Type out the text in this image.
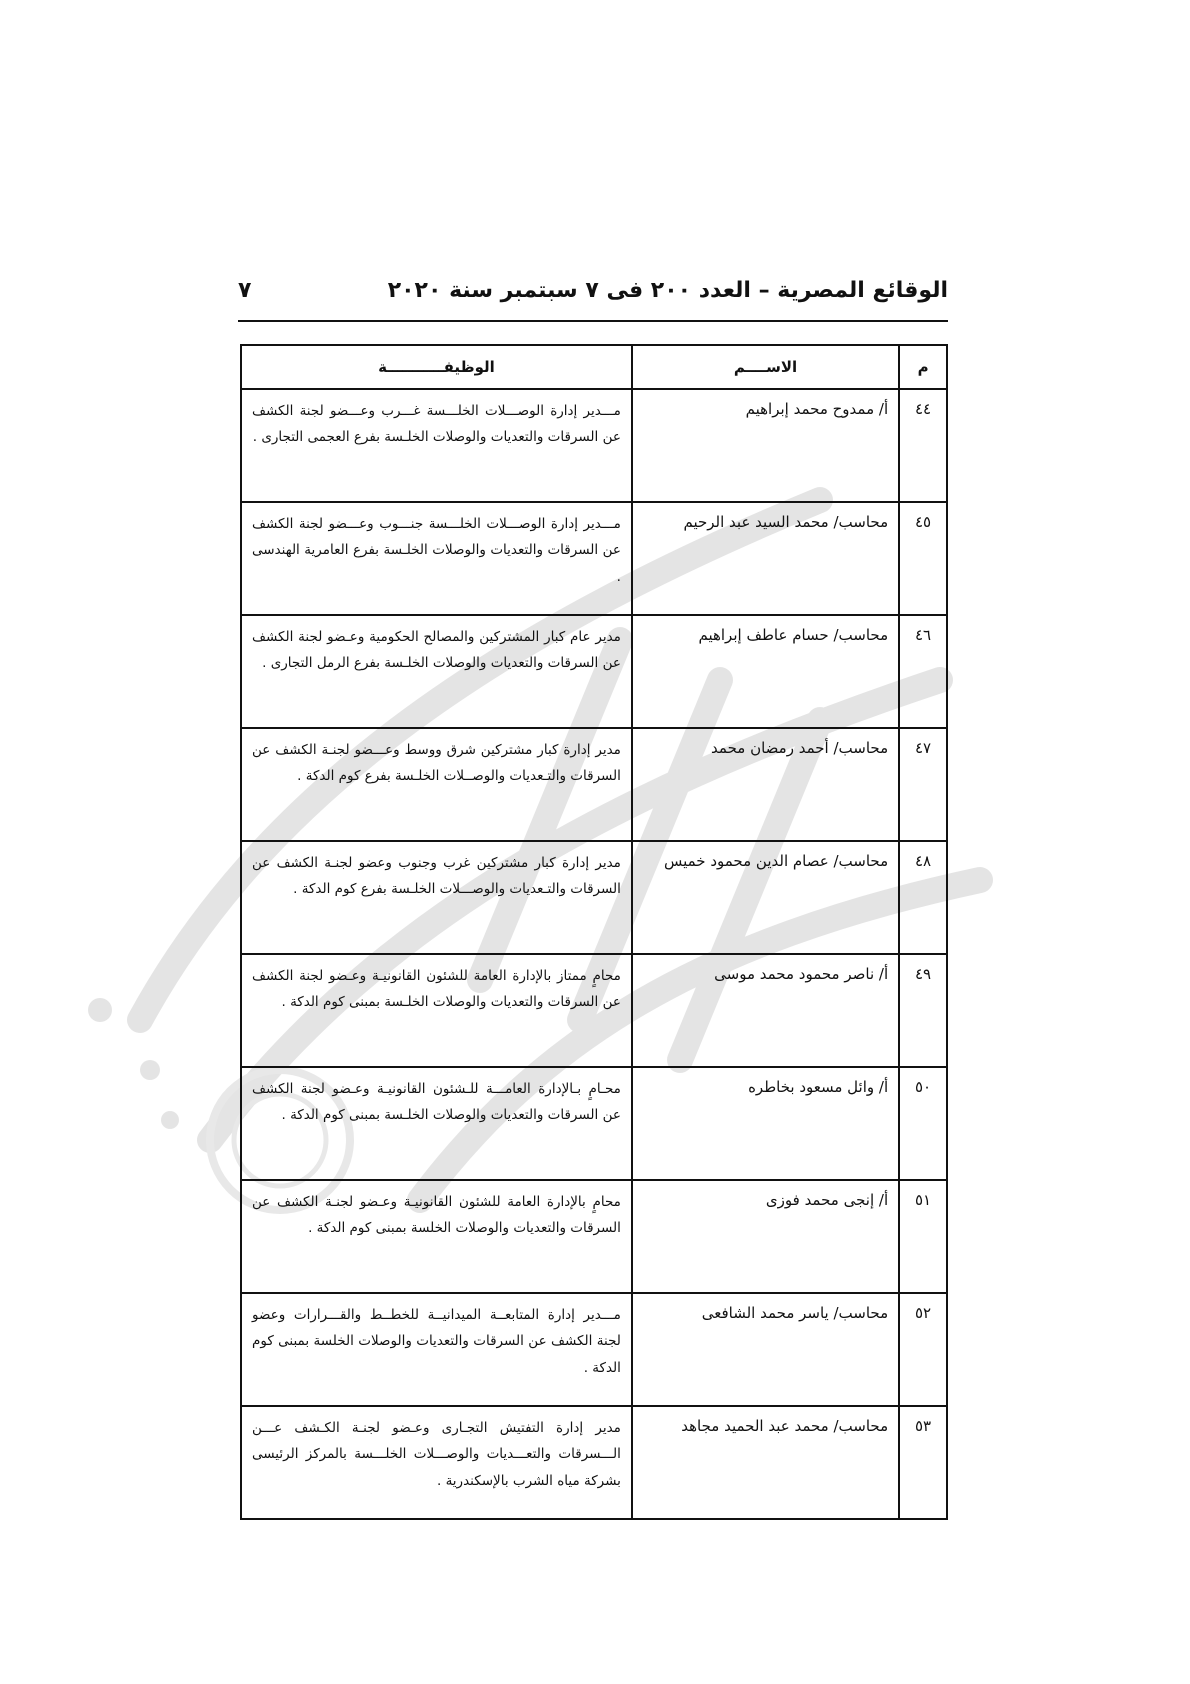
الوقائع المصرية – العدد ٢٠٠ فى ٧ سبتمبر سنة ٢٠٢٠
٧
م	الاســــم	الوظيفـــــــــــة
٤٤	أ/ ممدوح محمد إبراهيم	مـــدير إدارة الوصـــلات الخلـــسة غـــرب وعـــضو لجنة الكشف عن السرقات والتعديات والوصلات الخلـسة بفرع العجمى التجارى .
٤٥	محاسب/ محمد السيد عبد الرحيم	مـــدير إدارة الوصـــلات الخلـــسة جنـــوب وعـــضو لجنة الكشف عن السرقات والتعديات والوصلات الخلـسة بفرع العامرية الهندسى .
٤٦	محاسب/ حسام عاطف إبراهيم	مدير عام كبار المشتركين والمصالح الحكومية وعـضو لجنة الكشف عن السرقات والتعديات والوصلات الخلـسة بفرع الرمل التجارى .
٤٧	محاسب/ أحمد رمضان محمد	مدير إدارة كبار مشتركين شرق ووسط وعـــضو لجنـة الكشف عن السرقات والتـعديات والوصــلات الخلـسة بفرع كوم الدكة .
٤٨	محاسب/ عصام الدين محمود خميس	مدير إدارة كبار مشتركين غرب وجنوب وعضو لجنـة الكشف عن السرقات والتـعديات والوصـــلات الخلـسة بفرع كوم الدكة .
٤٩	أ/ ناصر محمود محمد موسى	محامٍ ممتاز بالإدارة العامة للشئون القانونيـة وعـضو لجنة الكشف عن السرقات والتعديات والوصلات الخلـسة بمبنى كوم الدكة .
٥٠	أ/ وائل مسعود بخاطره	محـامٍ بـالإدارة العامـــة للـشئون القانونيـة وعـضو لجنة الكشف عن السرقات والتعديات والوصلات الخلـسة بمبنى كوم الدكة .
٥١	أ/ إنجى محمد فوزى	محامٍ بالإدارة العامة للشئون القانونيـة وعـضو لجنـة الكشف عن السرقات والتعديات والوصلات الخلسة بمبنى كوم الدكة .
٥٢	محاسب/ ياسر محمد الشافعى	مـــدير إدارة المتابعــة الميدانيــة للخطــط والقـــرارات وعضو لجنة الكشف عن السرقات والتعديات والوصلات الخلسة بمبنى كوم الدكة .
٥٣	محاسب/ محمد عبد الحميد مجاهد	مدير إدارة التفتيش التجـارى وعـضو لجنـة الكـشف عـــن الـــسرقات والتعـــديات والوصـــلات الخلـــسة بالمركز الرئيسى بشركة مياه الشرب بالإسكندرية .
